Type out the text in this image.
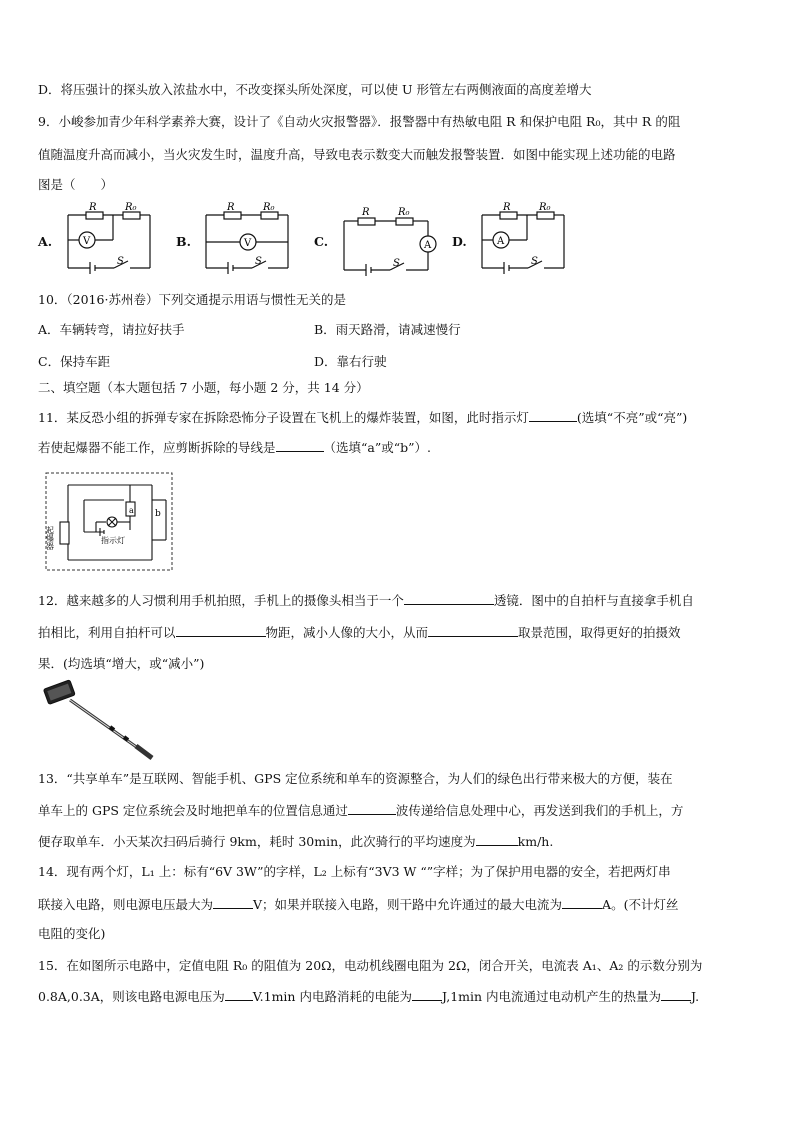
D．将压强计的探头放入浓盐水中，不改变探头所处深度，可以使 U 形管左右两侧液面的高度差增大
9．小峻参加青少年科学素养大赛，设计了《自动火灾报警器》．报警器中有热敏电阻 R 和保护电阻 R₀，其中 R 的阻
值随温度升高而减小，当火灾发生时，温度升高，导致电表示数变大而触发报警装置．如图中能实现上述功能的电路
图是（　　）
A.	B.	C.	D.
R	R₀
V
S
R	R₀
V
S
R	R₀
A
S
R	R₀
A
S
10．（2016·苏州卷）下列交通提示用语与惯性无关的是
A．车辆转弯，请拉好扶手	B．雨天路滑，请减速慢行
C．保持车距	D．靠右行驶
二、填空题（本大题包括 7 小题，每小题 2 分，共 14 分）
11．某反恐小组的拆弹专家在拆除恐怖分子设置在飞机上的爆炸装置，如图，此时指示灯	(选填“不亮”或“亮”)
若使起爆器不能工作，应剪断拆除的导线是	（选填“a”或“b”）.
a b
起爆器	指示灯
12．越来越多的人习惯利用手机拍照，手机上的摄像头相当于一个	透镜．图中的自拍杆与直接拿手机自
拍相比，利用自拍杆可以	物距，减小人像的大小，从而	取景范围，取得更好的拍摄效
果．(均选填“增大，或“减小”)
13．“共享单车”是互联网、智能手机、GPS 定位系统和单车的资源整合，为人们的绿色出行带来极大的方便，装在
单车上的 GPS 定位系统会及时地把单车的位置信息通过	波传递给信息处理中心，再发送到我们的手机上，方
便存取单车．小天某次扫码后骑行 9km，耗时 30min，此次骑行的平均速度为	km/h.
14．现有两个灯，L₁ 上：标有“6V 3W”的字样，L₂ 上标有“3V3 W “”字样；为了保护用电器的安全，若把两灯串
联接入电路，则电源电压最大为	V；如果并联接入电路，则干路中允许通过的最大电流为	A。(不计灯丝
电阻的变化)
15．在如图所示电路中，定值电阻 R₀ 的阻值为 20Ω，电动机线圈电阻为 2Ω，闭合开关，电流表 A₁、A₂ 的示数分别为
0.8A,0.3A，则该电路电源电压为 V.1min 内电路消耗的电能为 J,1min 内电流通过电动机产生的热量为 J.
